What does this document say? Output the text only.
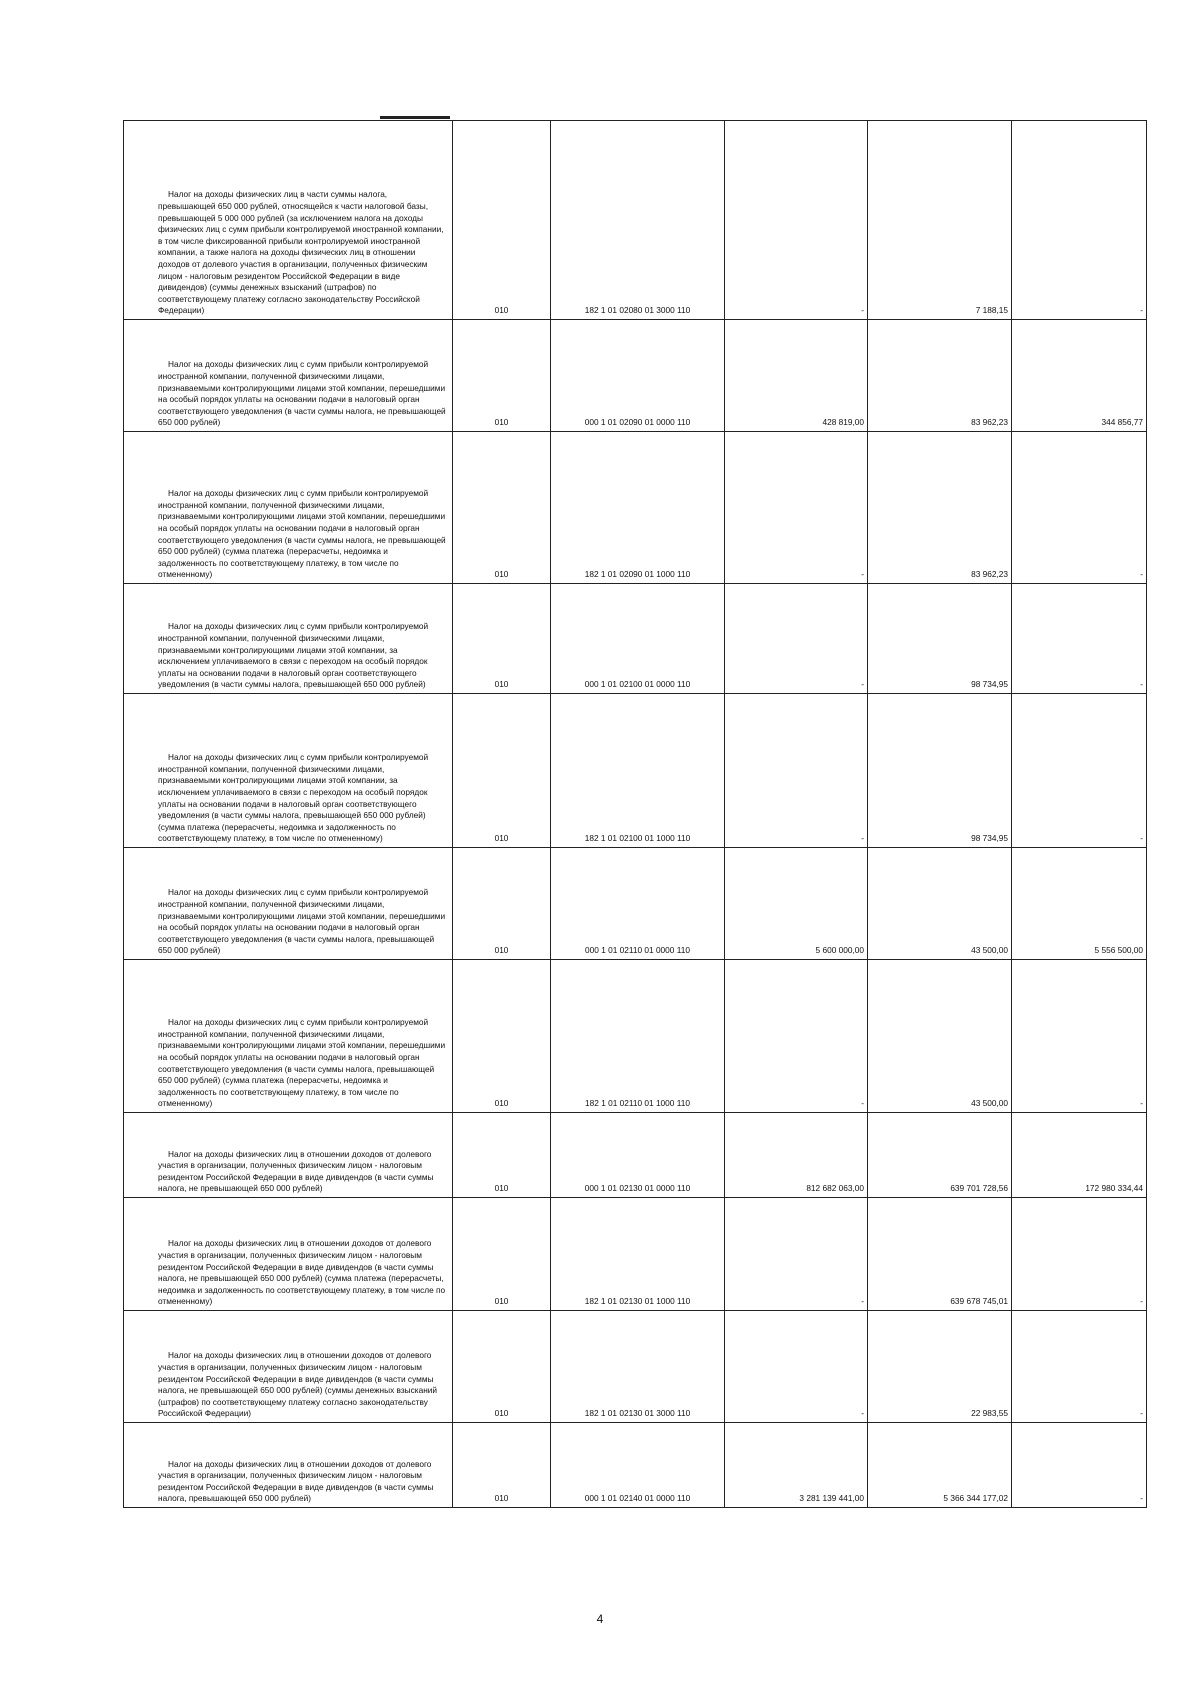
Налог на доходы физических лиц в части суммы налога, превышающей 650 000 рублей, относящейся к части налоговой базы, превышающей 5 000 000 рублей (за исключением налога на доходы физических лиц с сумм прибыли контролируемой иностранной компании, в том числе фиксированной прибыли контролируемой иностранной компании, а также налога на доходы физических лиц в отношении доходов от долевого участия в организации, полученных физическим лицом - налоговым резидентом Российской Федерации в виде дивидендов) (суммы денежных взысканий (штрафов) по соответствующему платежу согласно законодательству Российской Федерации)	010	182 1 01 02080 01 3000 110	-	7 188,15	-

Налог на доходы физических лиц с сумм прибыли контролируемой иностранной компании, полученной физическими лицами, признаваемыми контролирующими лицами этой компании, перешедшими на особый порядок уплаты на основании подачи в налоговый орган соответствующего уведомления (в части суммы налога, не превышающей 650 000 рублей)	010	000 1 01 02090 01 0000 110	428 819,00	83 962,23	344 856,77

Налог на доходы физических лиц с сумм прибыли контролируемой иностранной компании, полученной физическими лицами, признаваемыми контролирующими лицами этой компании, перешедшими на особый порядок уплаты на основании подачи в налоговый орган соответствующего уведомления (в части суммы налога, не превышающей 650 000 рублей) (сумма платежа (перерасчеты, недоимка и задолженность по соответствующему платежу, в том числе по отмененному)	010	182 1 01 02090 01 1000 110	-	83 962,23	-

Налог на доходы физических лиц с сумм прибыли контролируемой иностранной компании, полученной физическими лицами, признаваемыми контролирующими лицами этой компании, за исключением уплачиваемого в связи с переходом на особый порядок уплаты на основании подачи в налоговый орган соответствующего уведомления (в части суммы налога, превышающей 650 000 рублей)	010	000 1 01 02100 01 0000 110	-	98 734,95	-

Налог на доходы физических лиц с сумм прибыли контролируемой иностранной компании, полученной физическими лицами, признаваемыми контролирующими лицами этой компании, за исключением уплачиваемого в связи с переходом на особый порядок уплаты на основании подачи в налоговый орган соответствующего уведомления (в части суммы налога, превышающей 650 000 рублей) (сумма платежа (перерасчеты, недоимка и задолженность по соответствующему платежу, в том числе по отмененному)	010	182 1 01 02100 01 1000 110	-	98 734,95	-

Налог на доходы физических лиц с сумм прибыли контролируемой иностранной компании, полученной физическими лицами, признаваемыми контролирующими лицами этой компании, перешедшими на особый порядок уплаты на основании подачи в налоговый орган соответствующего уведомления (в части суммы налога, превышающей 650 000 рублей)	010	000 1 01 02110 01 0000 110	5 600 000,00	43 500,00	5 556 500,00

Налог на доходы физических лиц с сумм прибыли контролируемой иностранной компании, полученной физическими лицами, признаваемыми контролирующими лицами этой компании, перешедшими на особый порядок уплаты на основании подачи в налоговый орган соответствующего уведомления (в части суммы налога, превышающей 650 000 рублей) (сумма платежа (перерасчеты, недоимка и задолженность по соответствующему платежу, в том числе по отмененному)	010	182 1 01 02110 01 1000 110	-	43 500,00	-

Налог на доходы физических лиц в отношении доходов от долевого участия в организации, полученных физическим лицом - налоговым резидентом Российской Федерации в виде дивидендов (в части суммы налога, не превышающей 650 000 рублей)	010	000 1 01 02130 01 0000 110	812 682 063,00	639 701 728,56	172 980 334,44

Налог на доходы физических лиц в отношении доходов от долевого участия в организации, полученных физическим лицом - налоговым резидентом Российской Федерации в виде дивидендов (в части суммы налога, не превышающей 650 000 рублей) (сумма платежа (перерасчеты, недоимка и задолженность по соответствующему платежу, в том числе по отмененному)	010	182 1 01 02130 01 1000 110	-	639 678 745,01	-

Налог на доходы физических лиц в отношении доходов от долевого участия в организации, полученных физическим лицом - налоговым резидентом Российской Федерации в виде дивидендов (в части суммы налога, не превышающей 650 000 рублей) (суммы денежных взысканий (штрафов) по соответствующему платежу согласно законодательству Российской Федерации)	010	182 1 01 02130 01 3000 110	-	22 983,55	-

Налог на доходы физических лиц в отношении доходов от долевого участия в организации, полученных физическим лицом - налоговым резидентом Российской Федерации в виде дивидендов (в части суммы налога, превышающей 650 000 рублей)	010	000 1 01 02140 01 0000 110	3 281 139 441,00	5 366 344 177,02	-
4
